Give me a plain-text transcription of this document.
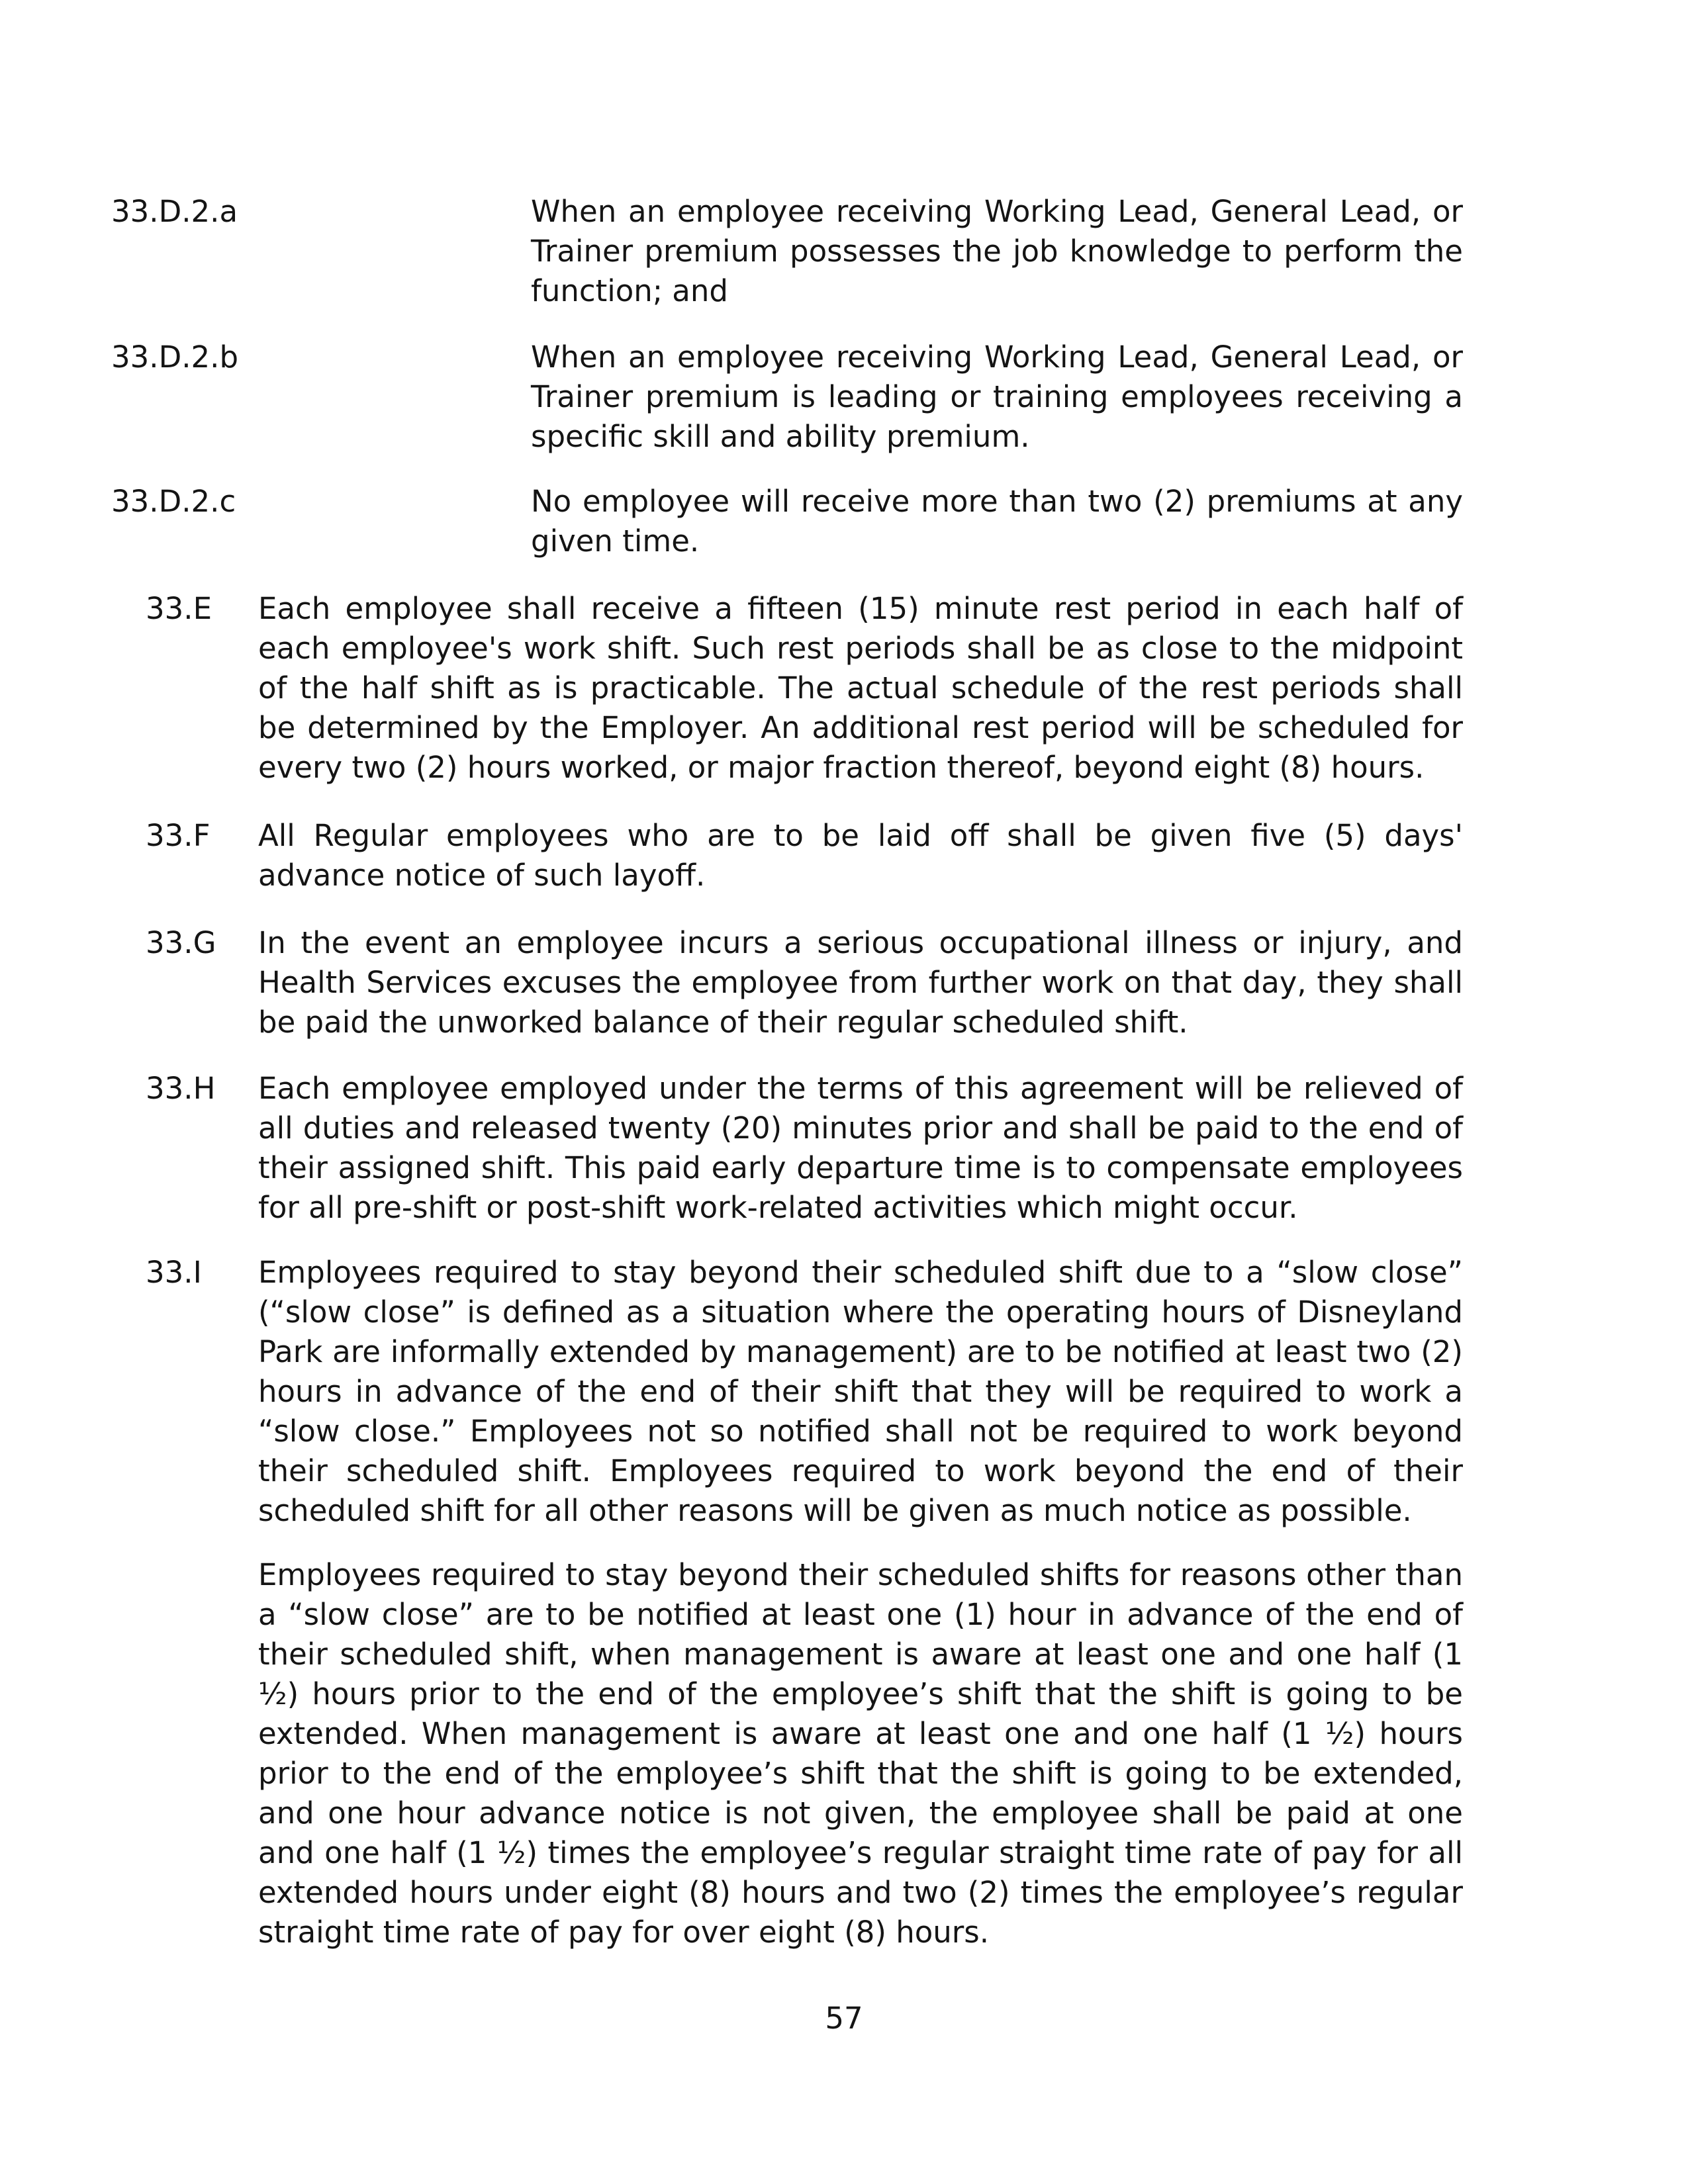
33.D.2.a	When an employee receiving Working Lead, General Lead, or Trainer premium possesses the job knowledge to perform the function; and
33.D.2.b	When an employee receiving Working Lead, General Lead, or Trainer premium is leading or training employees receiving a specific skill and ability premium.
33.D.2.c	No employee will receive more than two (2) premiums at any given time.
33.E Each employee shall receive a fifteen (15) minute rest period in each half of each employee's work shift. Such rest periods shall be as close to the midpoint of the half shift as is practicable. The actual schedule of the rest periods shall be determined by the Employer. An additional rest period will be scheduled for every two (2) hours worked, or major fraction thereof, beyond eight (8) hours.
33.F All Regular employees who are to be laid off shall be given five (5) days' advance notice of such layoff.
33.G In the event an employee incurs a serious occupational illness or injury, and Health Services excuses the employee from further work on that day, they shall be paid the unworked balance of their regular scheduled shift.
33.H Each employee employed under the terms of this agreement will be relieved of all duties and released twenty (20) minutes prior and shall be paid to the end of their assigned shift. This paid early departure time is to compensate employees for all pre-shift or post-shift work-related activities which might occur.
33.I Employees required to stay beyond their scheduled shift due to a “slow close” (“slow close” is defined as a situation where the operating hours of Disneyland Park are informally extended by management) are to be notified at least two (2) hours in advance of the end of their shift that they will be required to work a “slow close.” Employees not so notified shall not be required to work beyond their scheduled shift. Employees required to work beyond the end of their scheduled shift for all other reasons will be given as much notice as possible.
Employees required to stay beyond their scheduled shifts for reasons other than a “slow close” are to be notified at least one (1) hour in advance of the end of their scheduled shift, when management is aware at least one and one half (1 ½) hours prior to the end of the employee’s shift that the shift is going to be extended. When management is aware at least one and one half (1 ½) hours prior to the end of the employee’s shift that the shift is going to be extended, and one hour advance notice is not given, the employee shall be paid at one and one half (1 ½) times the employee’s regular straight time rate of pay for all extended hours under eight (8) hours and two (2) times the employee’s regular straight time rate of pay for over eight (8) hours.
57
